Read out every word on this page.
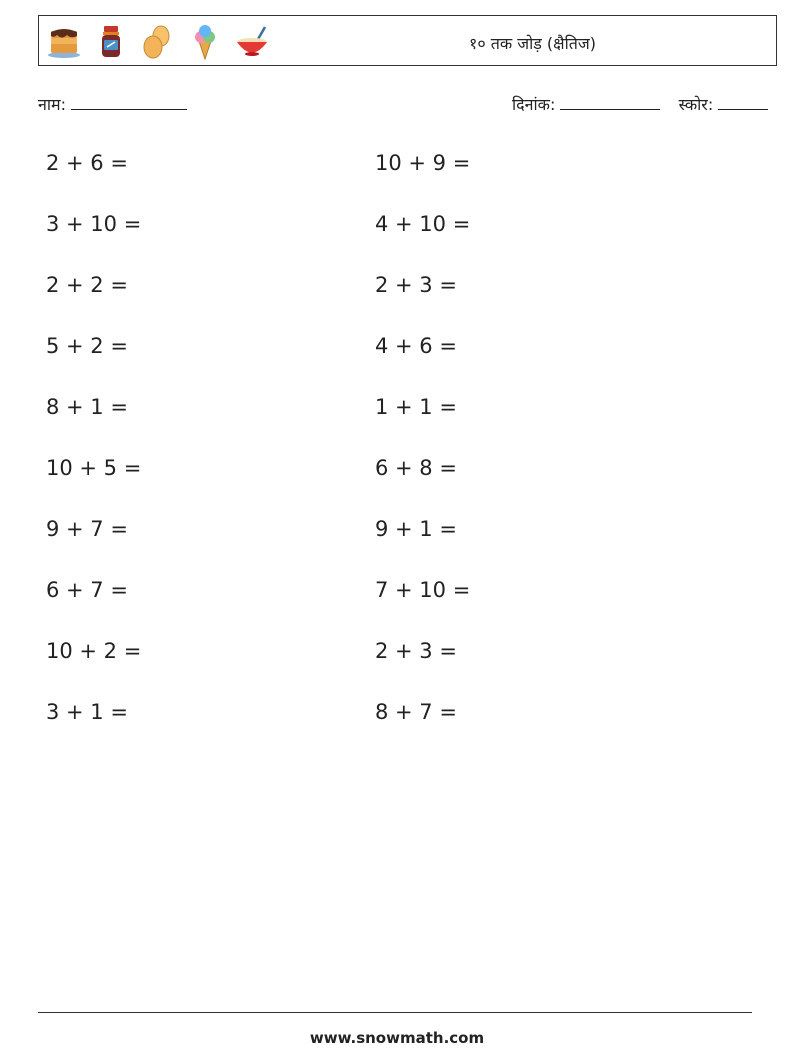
१० तक जोड़ (क्षैतिज)
नाम:	दिनांक:	स्कोर:
2 + 6 =	10 + 9 =
3 + 10 =	4 + 10 =
2 + 2 =	2 + 3 =
5 + 2 =	4 + 6 =
8 + 1 =	1 + 1 =
10 + 5 =	6 + 8 =
9 + 7 =	9 + 1 =
6 + 7 =	7 + 10 =
10 + 2 =	2 + 3 =
3 + 1 =	8 + 7 =
www.snowmath.com
